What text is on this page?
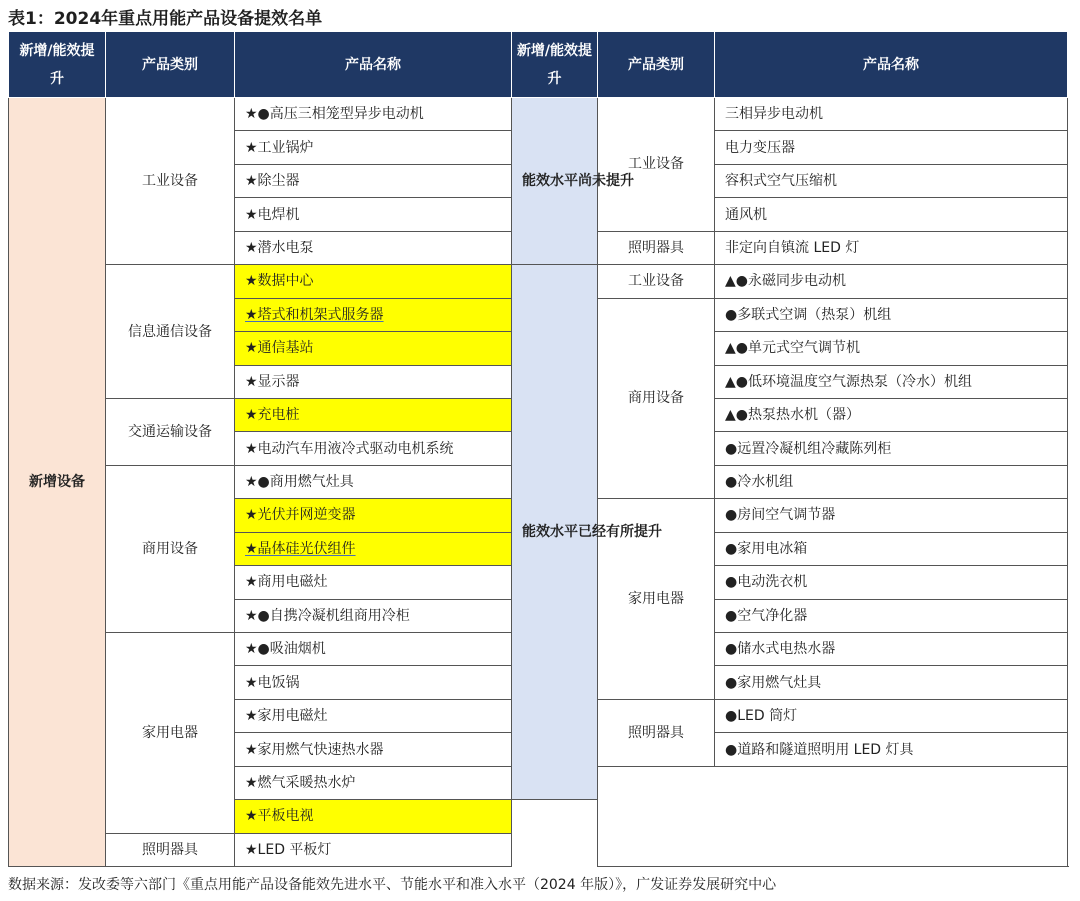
表1：2024年重点用能产品设备提效名单
新增/能效提升	产品类别	产品名称	新增/能效提升	产品类别	产品名称
新增设备	工业设备	★●高压三相笼型异步电动机	能效水平尚未提升	工业设备	三相异步电动机
		★工业锅炉			电力变压器
		★除尘器			容积式空气压缩机
		★电焊机			通风机
		★潜水电泵		照明器具	非定向自镇流 LED 灯
	信息通信设备	★数据中心	能效水平已经有所提升	工业设备	▲●永磁同步电动机
		★塔式和机架式服务器		商用设备	●多联式空调（热泵）机组
		★通信基站			▲●单元式空气调节机
		★显示器			▲●低环境温度空气源热泵（冷水）机组
	交通运输设备	★充电桩			▲●热泵热水机（器）
		★电动汽车用液冷式驱动电机系统			●远置冷凝机组冷藏陈列柜
	商用设备	★●商用燃气灶具			●冷水机组
		★光伏并网逆变器		家用电器	●房间空气调节器
		★晶体硅光伏组件			●家用电冰箱
		★商用电磁灶			●电动洗衣机
		★●自携冷凝机组商用冷柜			●空气净化器
	家用电器	★●吸油烟机			●储水式电热水器
		★电饭锅			●家用燃气灶具
		★家用电磁灶		照明器具	●LED 筒灯
		★家用燃气快速热水器			●道路和隧道照明用 LED 灯具
		★燃气采暖热水炉			
		★平板电视			
	照明器具	★LED 平板灯			
数据来源：发改委等六部门《重点用能产品设备能效先进水平、节能水平和准入水平（2024 年版）》，广发证券发展研究中心
